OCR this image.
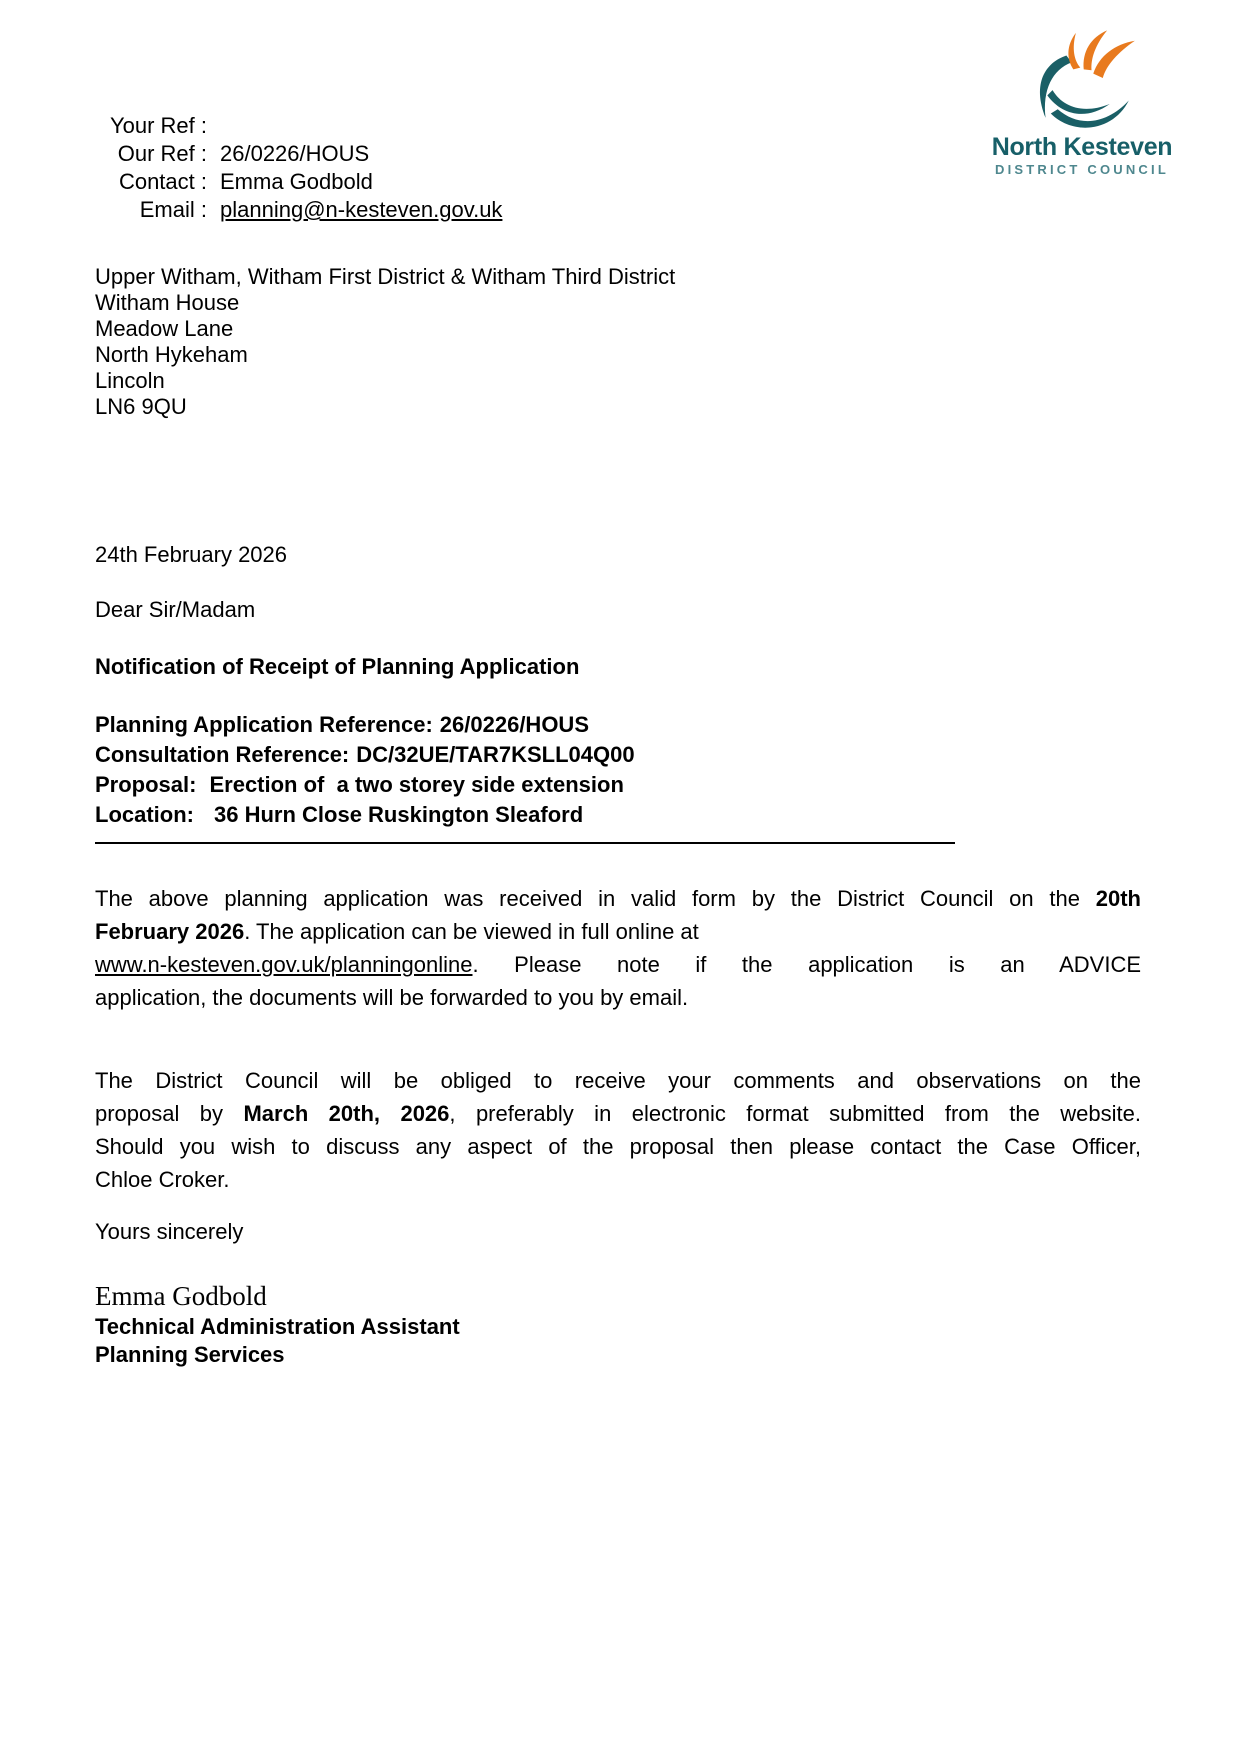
North Kesteven
DISTRICT COUNCIL
Your Ref :
Our Ref : 26/0226/HOUS
Contact : Emma Godbold
Email : planning@n-kesteven.gov.uk
Upper Witham, Witham First District & Witham Third District
Witham House
Meadow Lane
North Hykeham
Lincoln
LN6 9QU
24th February 2026
Dear Sir/Madam
Notification of Receipt of Planning Application
Planning Application Reference: 26/0226/HOUS
Consultation Reference: DC/32UE/TAR7KSLL04Q00
Proposal: Erection of  a two storey side extension
Location: 36 Hurn Close Ruskington Sleaford
The above planning application was received in valid form by the District Council on the 20th
February 2026. The application can be viewed in full online at
www.n-kesteven.gov.uk/planningonline. Please note if the application is an ADVICE
application, the documents will be forwarded to you by email.
The District Council will be obliged to receive your comments and observations on the
proposal by March 20th, 2026, preferably in electronic format submitted from the website.
Should you wish to discuss any aspect of the proposal then please contact the Case Officer,
Chloe Croker.
Yours sincerely
Emma Godbold
Technical Administration Assistant
Planning Services
